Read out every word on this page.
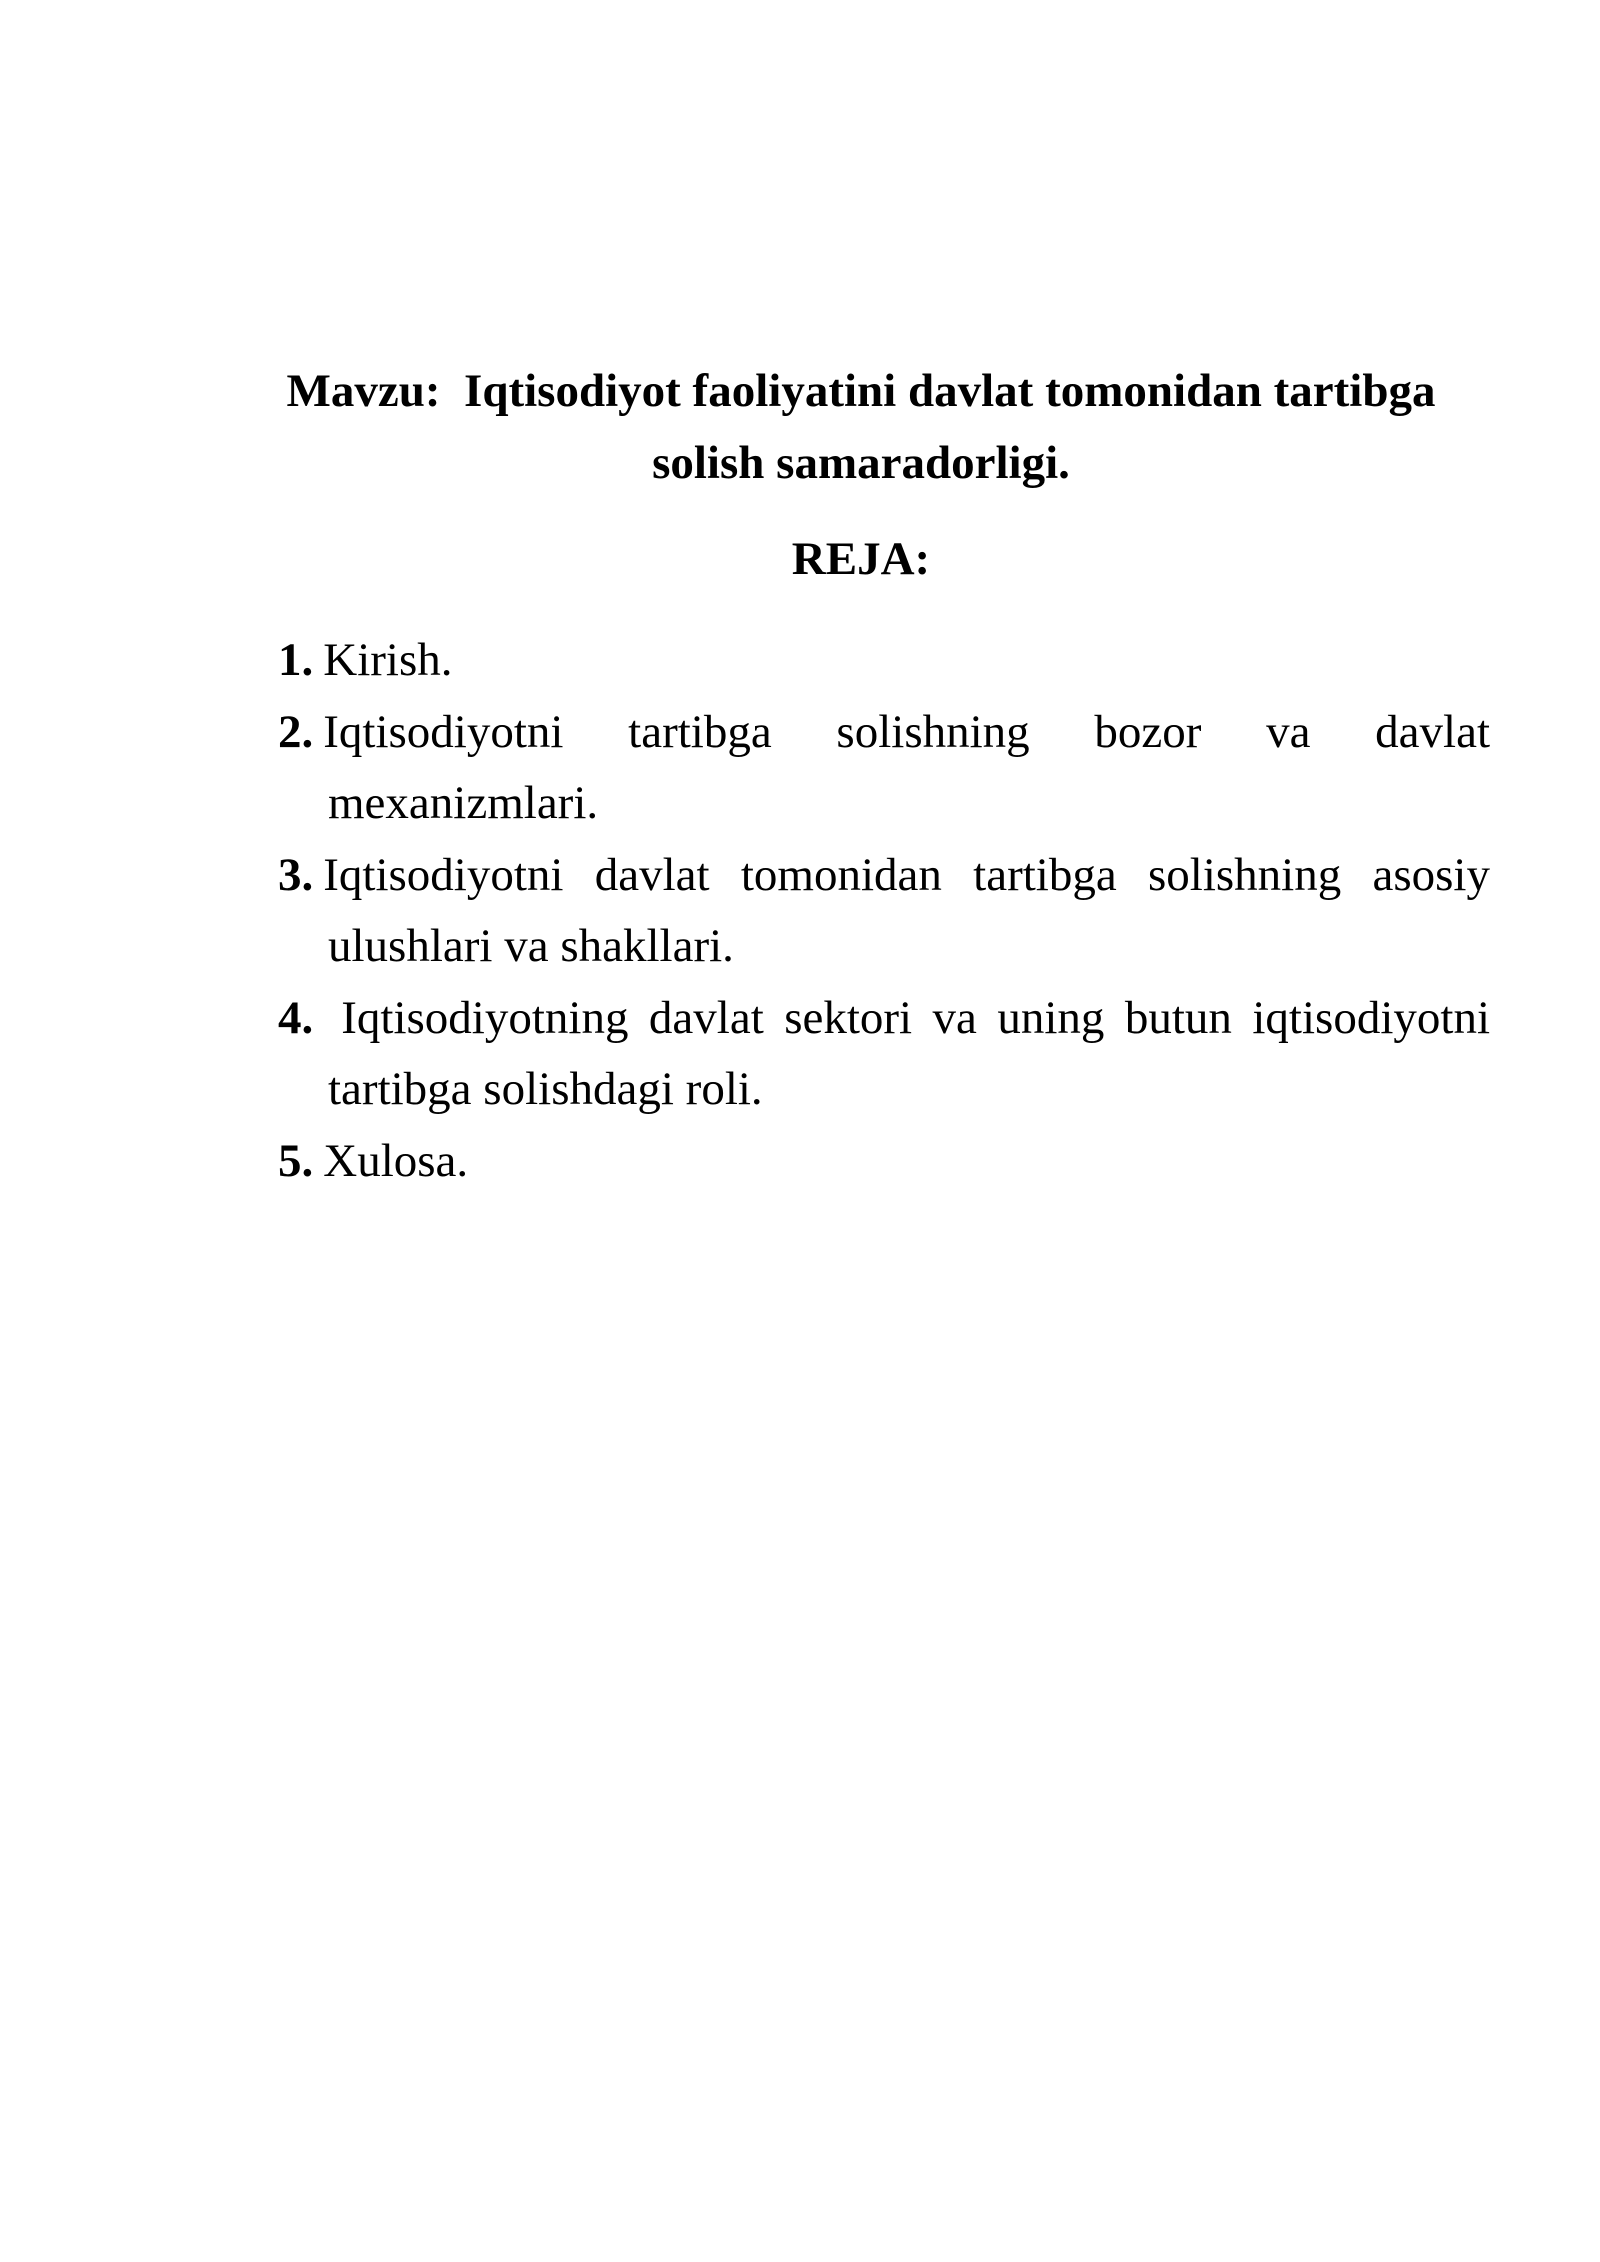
Mavzu:  Iqtisodiyot faoliyatini davlat tomonidan tartibga solish samaradorligi.
REJA:
1. Kirish.
2. Iqtisodiyotni tartibga solishning bozor va davlat mexanizmlari.
3. Iqtisodiyotni davlat tomonidan tartibga solishning asosiy ulushlari va shakllari.
4. Iqtisodiyotning davlat sektori va uning butun iqtisodiyotni tartibga solishdagi roli.
5. Xulosa.
